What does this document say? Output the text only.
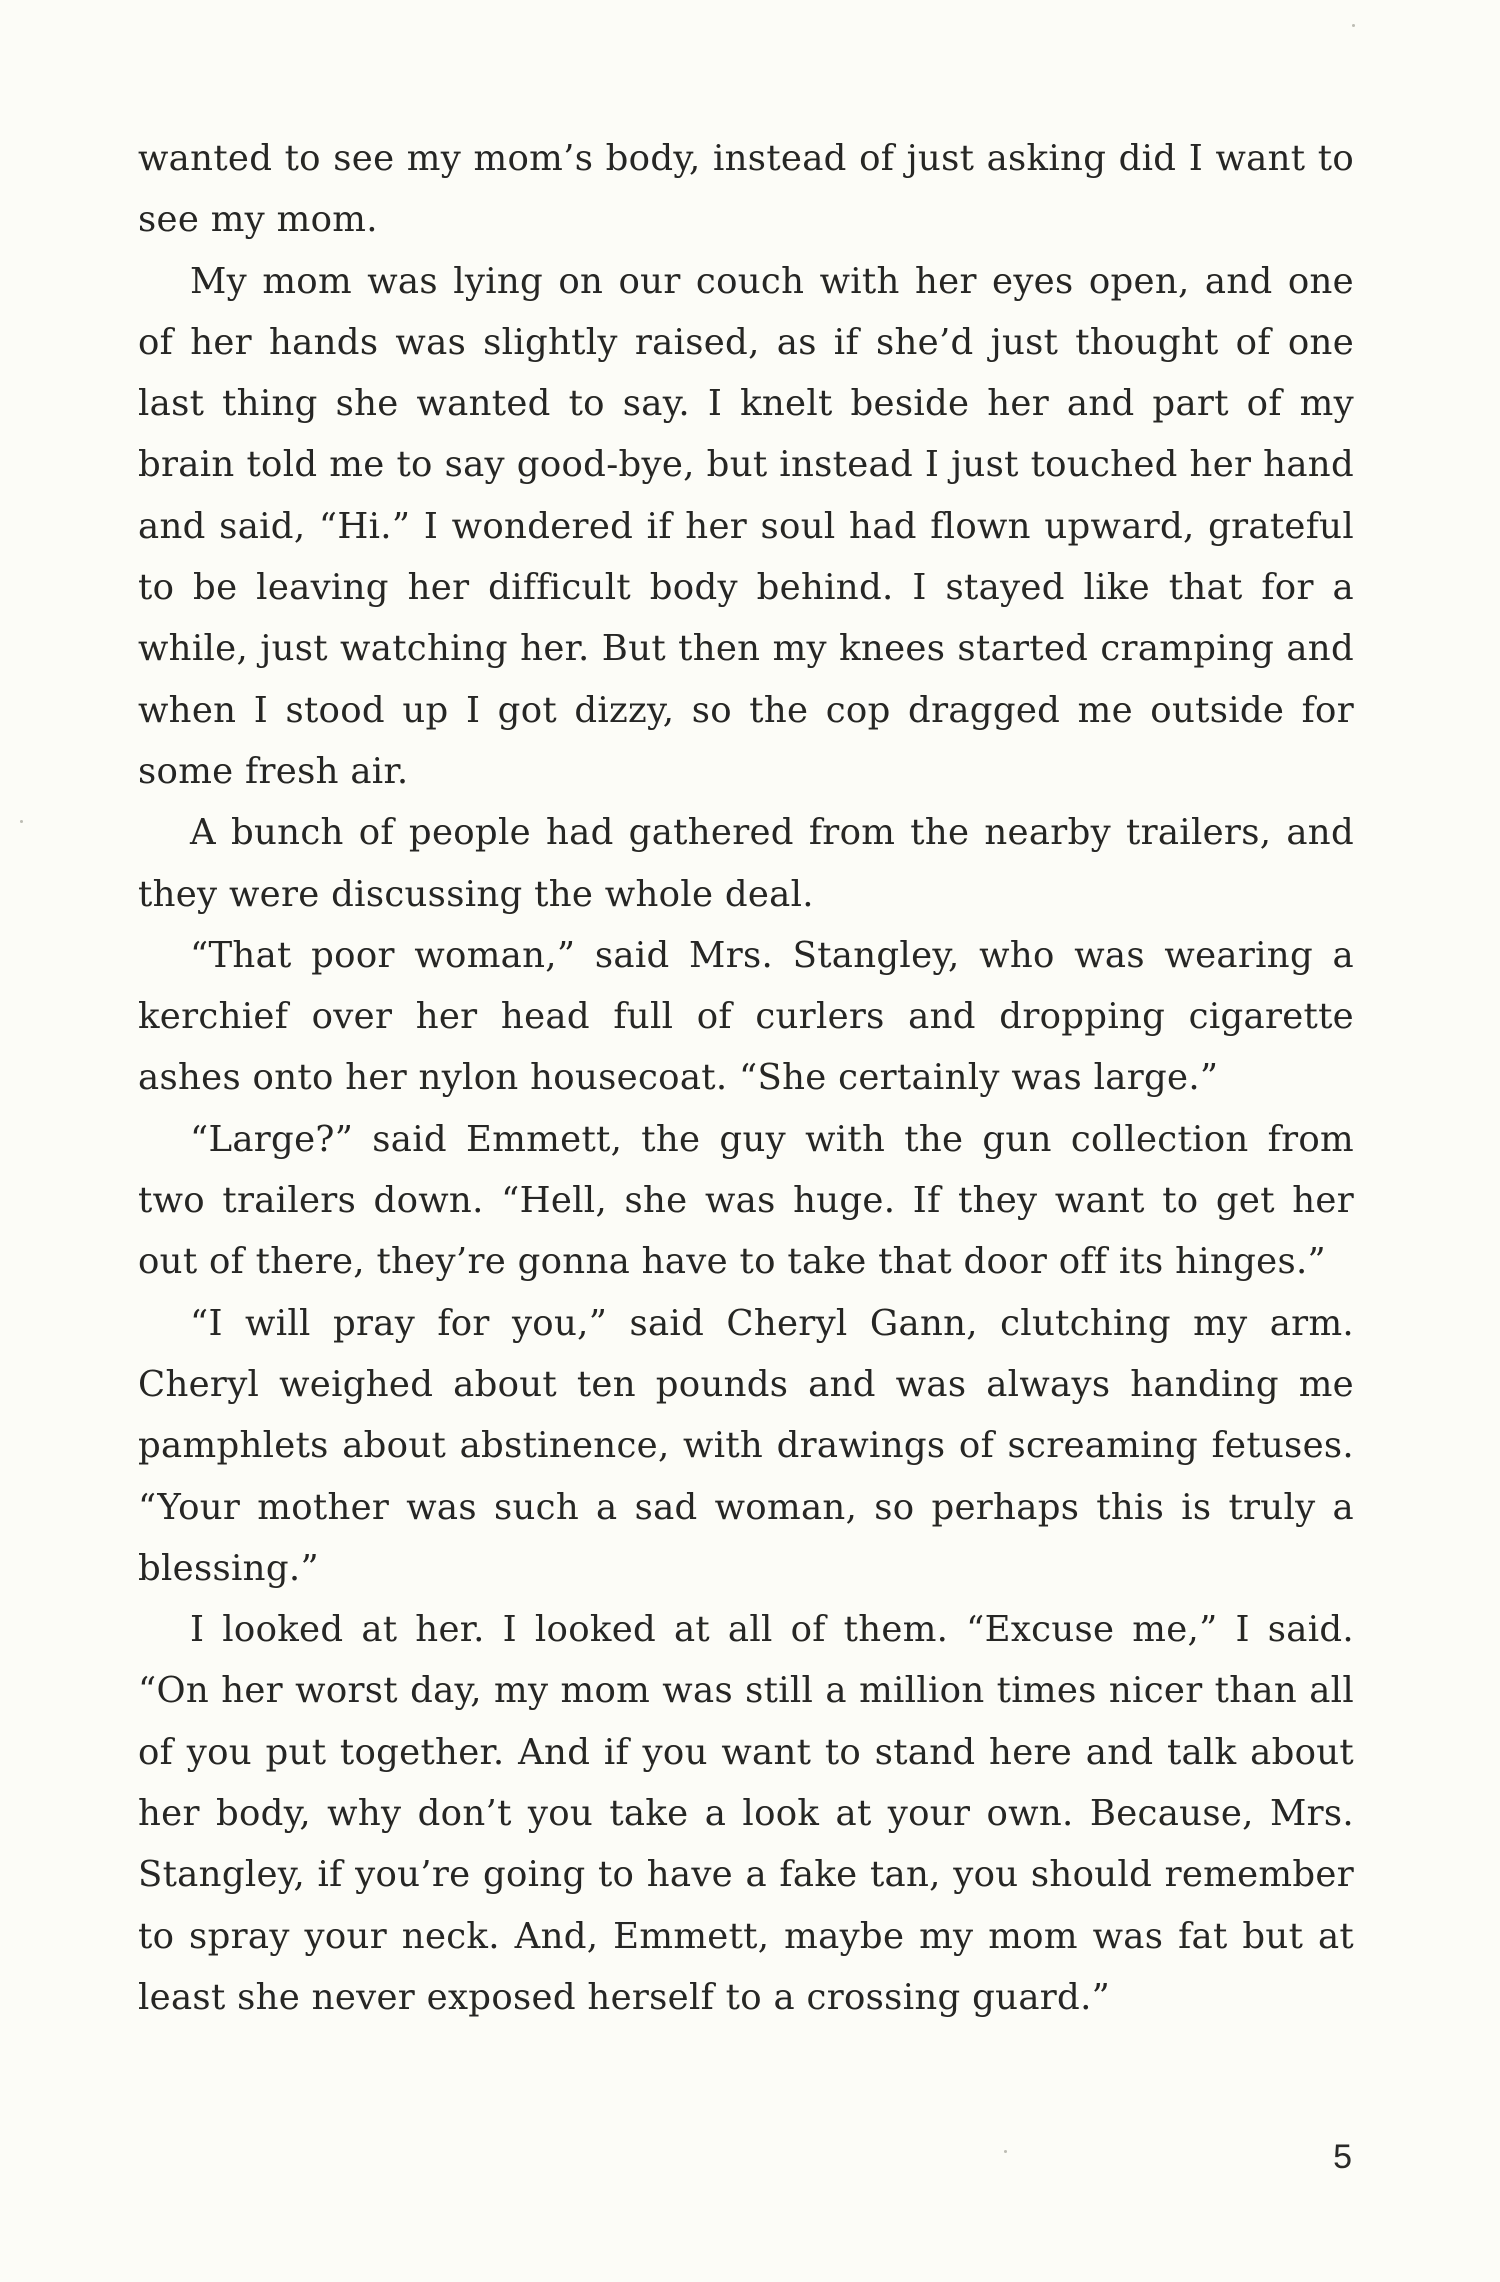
wanted to see my mom’s body, instead of just asking did I want to see my mom.

My mom was lying on our couch with her eyes open, and one of her hands was slightly raised, as if she’d just thought of one last thing she wanted to say. I knelt beside her and part of my brain told me to say good-bye, but instead I just touched her hand and said, “Hi.” I wondered if her soul had flown upward, grateful to be leaving her difficult body behind. I stayed like that for a while, just watching her. But then my knees started cramping and when I stood up I got dizzy, so the cop dragged me outside for some fresh air.

A bunch of people had gathered from the nearby trailers, and they were discussing the whole deal.

“That poor woman,” said Mrs. Stangley, who was wearing a kerchief over her head full of curlers and dropping cigarette ashes onto her nylon housecoat. “She certainly was large.”

“Large?” said Emmett, the guy with the gun collection from two trailers down. “Hell, she was huge. If they want to get her out of there, they’re gonna have to take that door off its hinges.”

“I will pray for you,” said Cheryl Gann, clutching my arm. Cheryl weighed about ten pounds and was always handing me pamphlets about abstinence, with drawings of screaming fetuses. “Your mother was such a sad woman, so perhaps this is truly a blessing.”

I looked at her. I looked at all of them. “Excuse me,” I said. “On her worst day, my mom was still a million times nicer than all of you put together. And if you want to stand here and talk about her body, why don’t you take a look at your own. Because, Mrs. Stangley, if you’re going to have a fake tan, you should remember to spray your neck. And, Emmett, maybe my mom was fat but at least she never exposed herself to a crossing guard.”

5
